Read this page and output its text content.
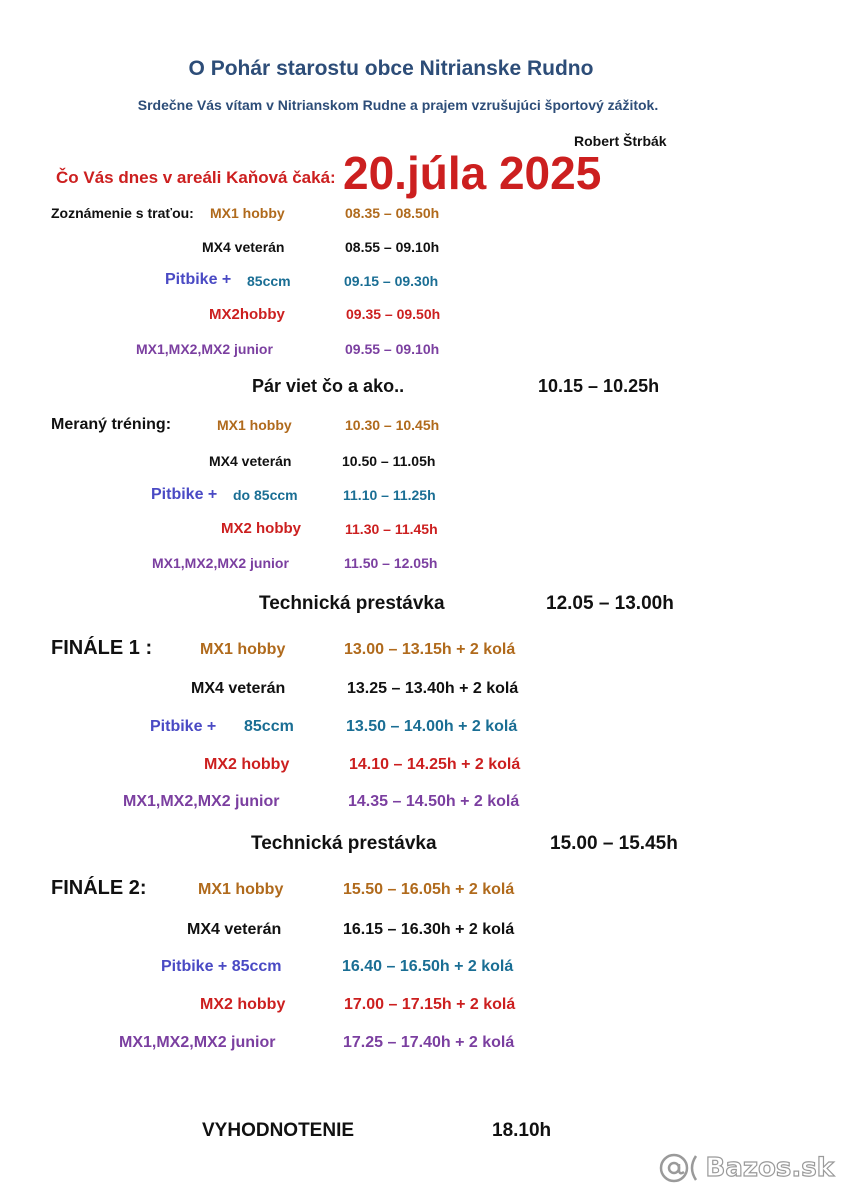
O Pohár starostu obce Nitrianske Rudno
Srdečne Vás vítam v Nitrianskom Rudne a prajem vzrušujúci športový zážitok.
Robert Štrbák
Čo Vás dnes v areáli Kaňová čaká: 20.júla 2025
Zoznámenie s traťou: MX1 hobby	08.35 – 08.50h
MX4 veterán	08.55 – 09.10h
Pitbike + 85ccm	09.15 – 09.30h
MX2hobby	09.35 – 09.50h
MX1,MX2,MX2 junior	09.55 – 09.10h
Pár viet čo a ako..	10.15 – 10.25h
Meraný tréning:	MX1 hobby	10.30 – 10.45h
MX4 veterán	10.50 – 11.05h
Pitbike + do 85ccm	11.10 – 11.25h
MX2 hobby	11.30 – 11.45h
MX1,MX2,MX2 junior	11.50 – 12.05h
Technická prestávka	12.05 – 13.00h
FINÁLE 1 :	MX1 hobby	13.00 – 13.15h + 2 kolá
MX4 veterán	13.25 – 13.40h + 2 kolá
Pitbike + 85ccm	13.50 – 14.00h + 2 kolá
MX2 hobby	14.10 – 14.25h + 2 kolá
MX1,MX2,MX2 junior	14.35 – 14.50h + 2 kolá
Technická prestávka	15.00 – 15.45h
FINÁLE 2:	MX1 hobby	15.50 – 16.05h + 2 kolá
MX4 veterán	16.15 – 16.30h + 2 kolá
Pitbike + 85ccm	16.40 – 16.50h + 2 kolá
MX2 hobby	17.00 – 17.15h + 2 kolá
MX1,MX2,MX2 junior	17.25 – 17.40h + 2 kolá
VYHODNOTENIE	18.10h
Bazos.sk
